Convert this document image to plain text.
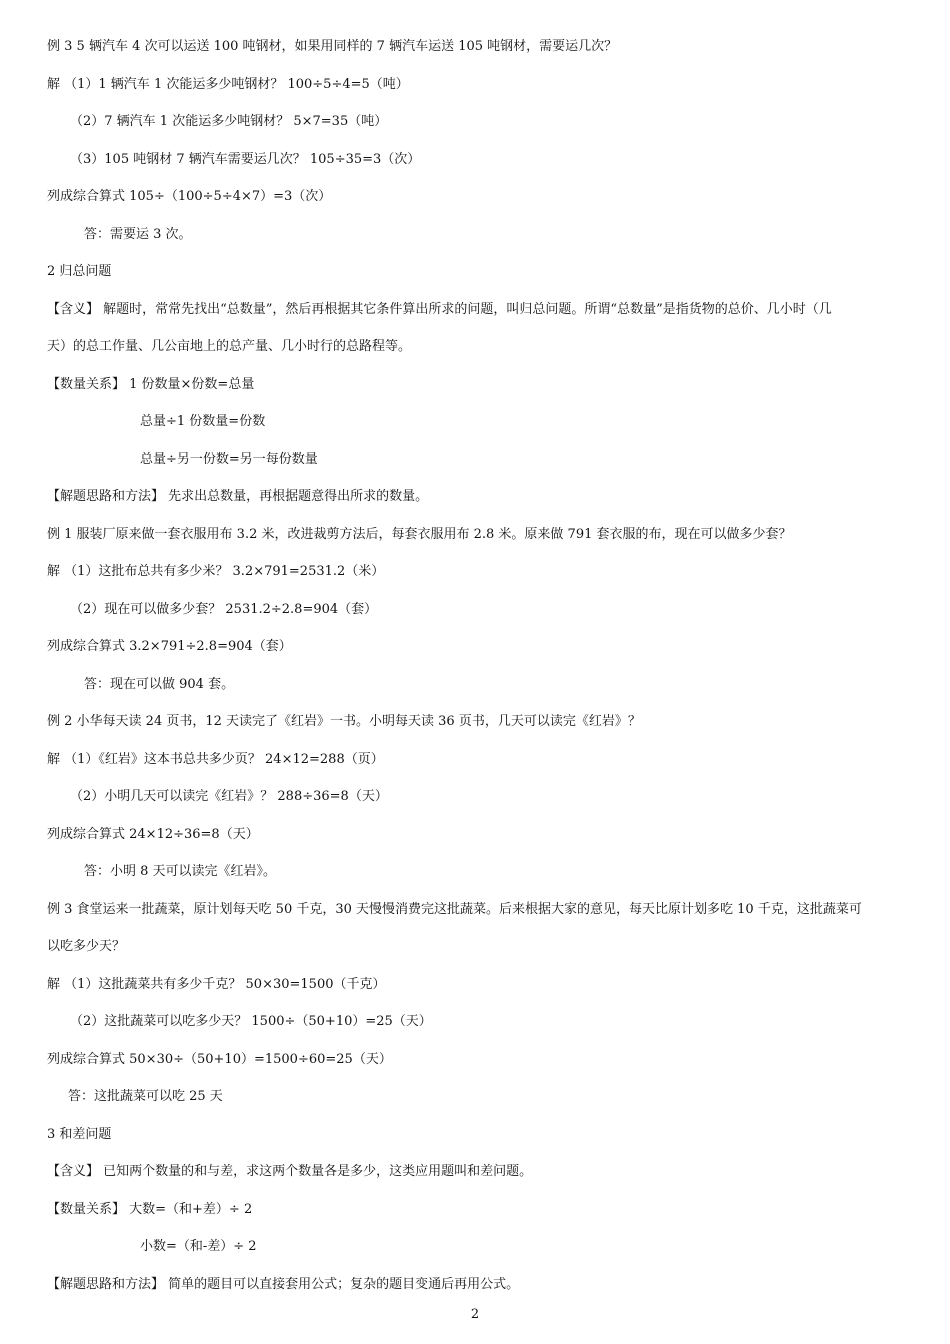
例 3 5 辆汽车 4 次可以运送 100 吨钢材，如果用同样的 7 辆汽车运送 105 吨钢材，需要运几次？
解 （1）1 辆汽车 1 次能运多少吨钢材？ 100÷5÷4=5（吨）
（2）7 辆汽车 1 次能运多少吨钢材？ 5×7=35（吨）
（3）105 吨钢材 7 辆汽车需要运几次？ 105÷35=3（次）
列成综合算式 105÷（100÷5÷4×7）=3（次）
答：需要运 3 次。
2 归总问题
【含义】 解题时，常常先找出“总数量”，然后再根据其它条件算出所求的问题，叫归总问题。所谓“总数量”是指货物的总价、几小时（几
天）的总工作量、几公亩地上的总产量、几小时行的总路程等。
【数量关系】 1 份数量×份数=总量
总量÷1 份数量=份数
总量÷另一份数=另一每份数量
【解题思路和方法】 先求出总数量，再根据题意得出所求的数量。
例 1 服装厂原来做一套衣服用布 3.2 米，改进裁剪方法后，每套衣服用布 2.8 米。原来做 791 套衣服的布，现在可以做多少套？
解 （1）这批布总共有多少米？ 3.2×791=2531.2（米）
（2）现在可以做多少套？ 2531.2÷2.8=904（套）
列成综合算式 3.2×791÷2.8=904（套）
答：现在可以做 904 套。
例 2 小华每天读 24 页书，12 天读完了《红岩》一书。小明每天读 36 页书，几天可以读完《红岩》？
解 （1）《红岩》这本书总共多少页？ 24×12=288（页）
（2）小明几天可以读完《红岩》？ 288÷36=8（天）
列成综合算式 24×12÷36=8（天）
答：小明 8 天可以读完《红岩》。
例 3 食堂运来一批蔬菜，原计划每天吃 50 千克，30 天慢慢消费完这批蔬菜。后来根据大家的意见，每天比原计划多吃 10 千克，这批蔬菜可
以吃多少天？
解 （1）这批蔬菜共有多少千克？ 50×30=1500（千克）
（2）这批蔬菜可以吃多少天？ 1500÷（50+10）=25（天）
列成综合算式 50×30÷（50+10）=1500÷60=25（天）
答：这批蔬菜可以吃 25 天
3 和差问题
【含义】 已知两个数量的和与差，求这两个数量各是多少，这类应用题叫和差问题。
【数量关系】 大数=（和+差）÷ 2
小数=（和-差）÷ 2
【解题思路和方法】 简单的题目可以直接套用公式；复杂的题目变通后再用公式。
2
